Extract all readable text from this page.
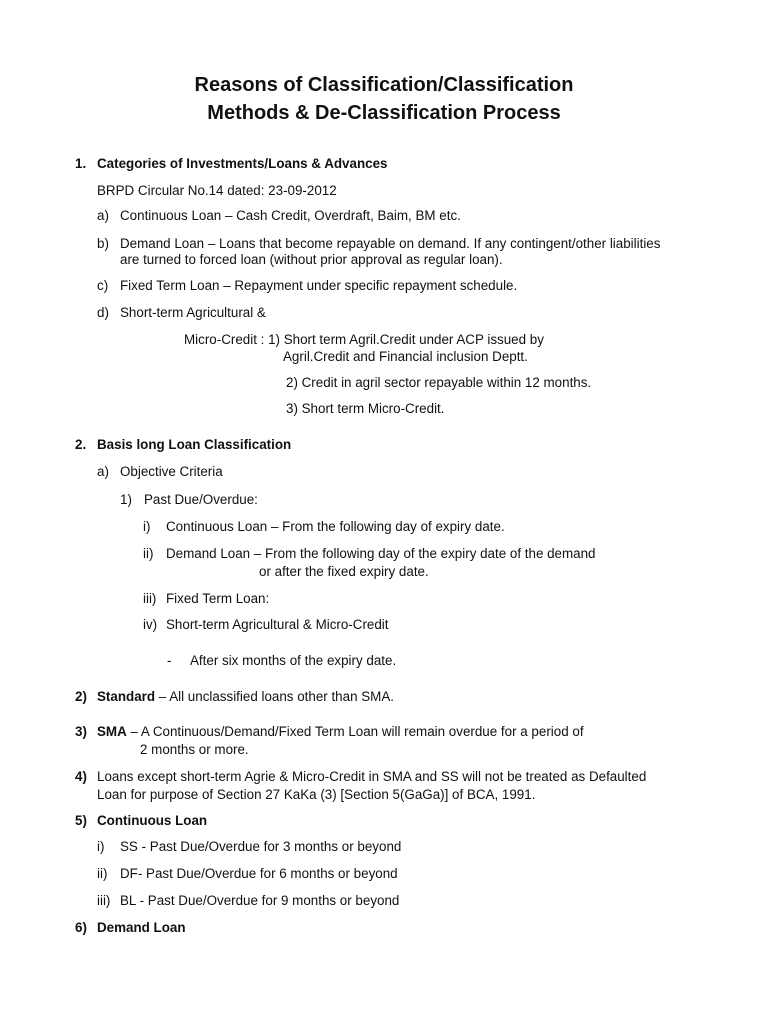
Reasons of Classification/Classification
Methods & De-Classification Process
1. Categories of Investments/Loans & Advances
BRPD Circular No.14 dated: 23-09-2012
a) Continuous Loan – Cash Credit, Overdraft, Baim, BM etc.
b) Demand Loan – Loans that become repayable on demand. If any contingent/other liabilities
are turned to forced loan (without prior approval as regular loan).
c) Fixed Term Loan – Repayment under specific repayment schedule.
d) Short-term Agricultural &
Micro-Credit : 1) Short term Agril.Credit under ACP issued by
Agril.Credit and Financial inclusion Deptt.
2) Credit in agril sector repayable within 12 months.
3) Short term Micro-Credit.
2. Basis long Loan Classification
a) Objective Criteria
1) Past Due/Overdue:
i) Continuous Loan – From the following day of expiry date.
ii) Demand Loan – From the following day of the expiry date of the demand
or after the fixed expiry date.
iii) Fixed Term Loan:
iv) Short-term Agricultural & Micro-Credit
- After six months of the expiry date.
2) Standard – All unclassified loans other than SMA.
3) SMA – A Continuous/Demand/Fixed Term Loan will remain overdue for a period of
2 months or more.
4) Loans except short-term Agrie & Micro-Credit in SMA and SS will not be treated as Defaulted
Loan for purpose of Section 27 KaKa (3) [Section 5(GaGa)] of BCA, 1991.
5) Continuous Loan
i) SS - Past Due/Overdue for 3 months or beyond
ii) DF- Past Due/Overdue for 6 months or beyond
iii) BL - Past Due/Overdue for 9 months or beyond
6) Demand Loan
